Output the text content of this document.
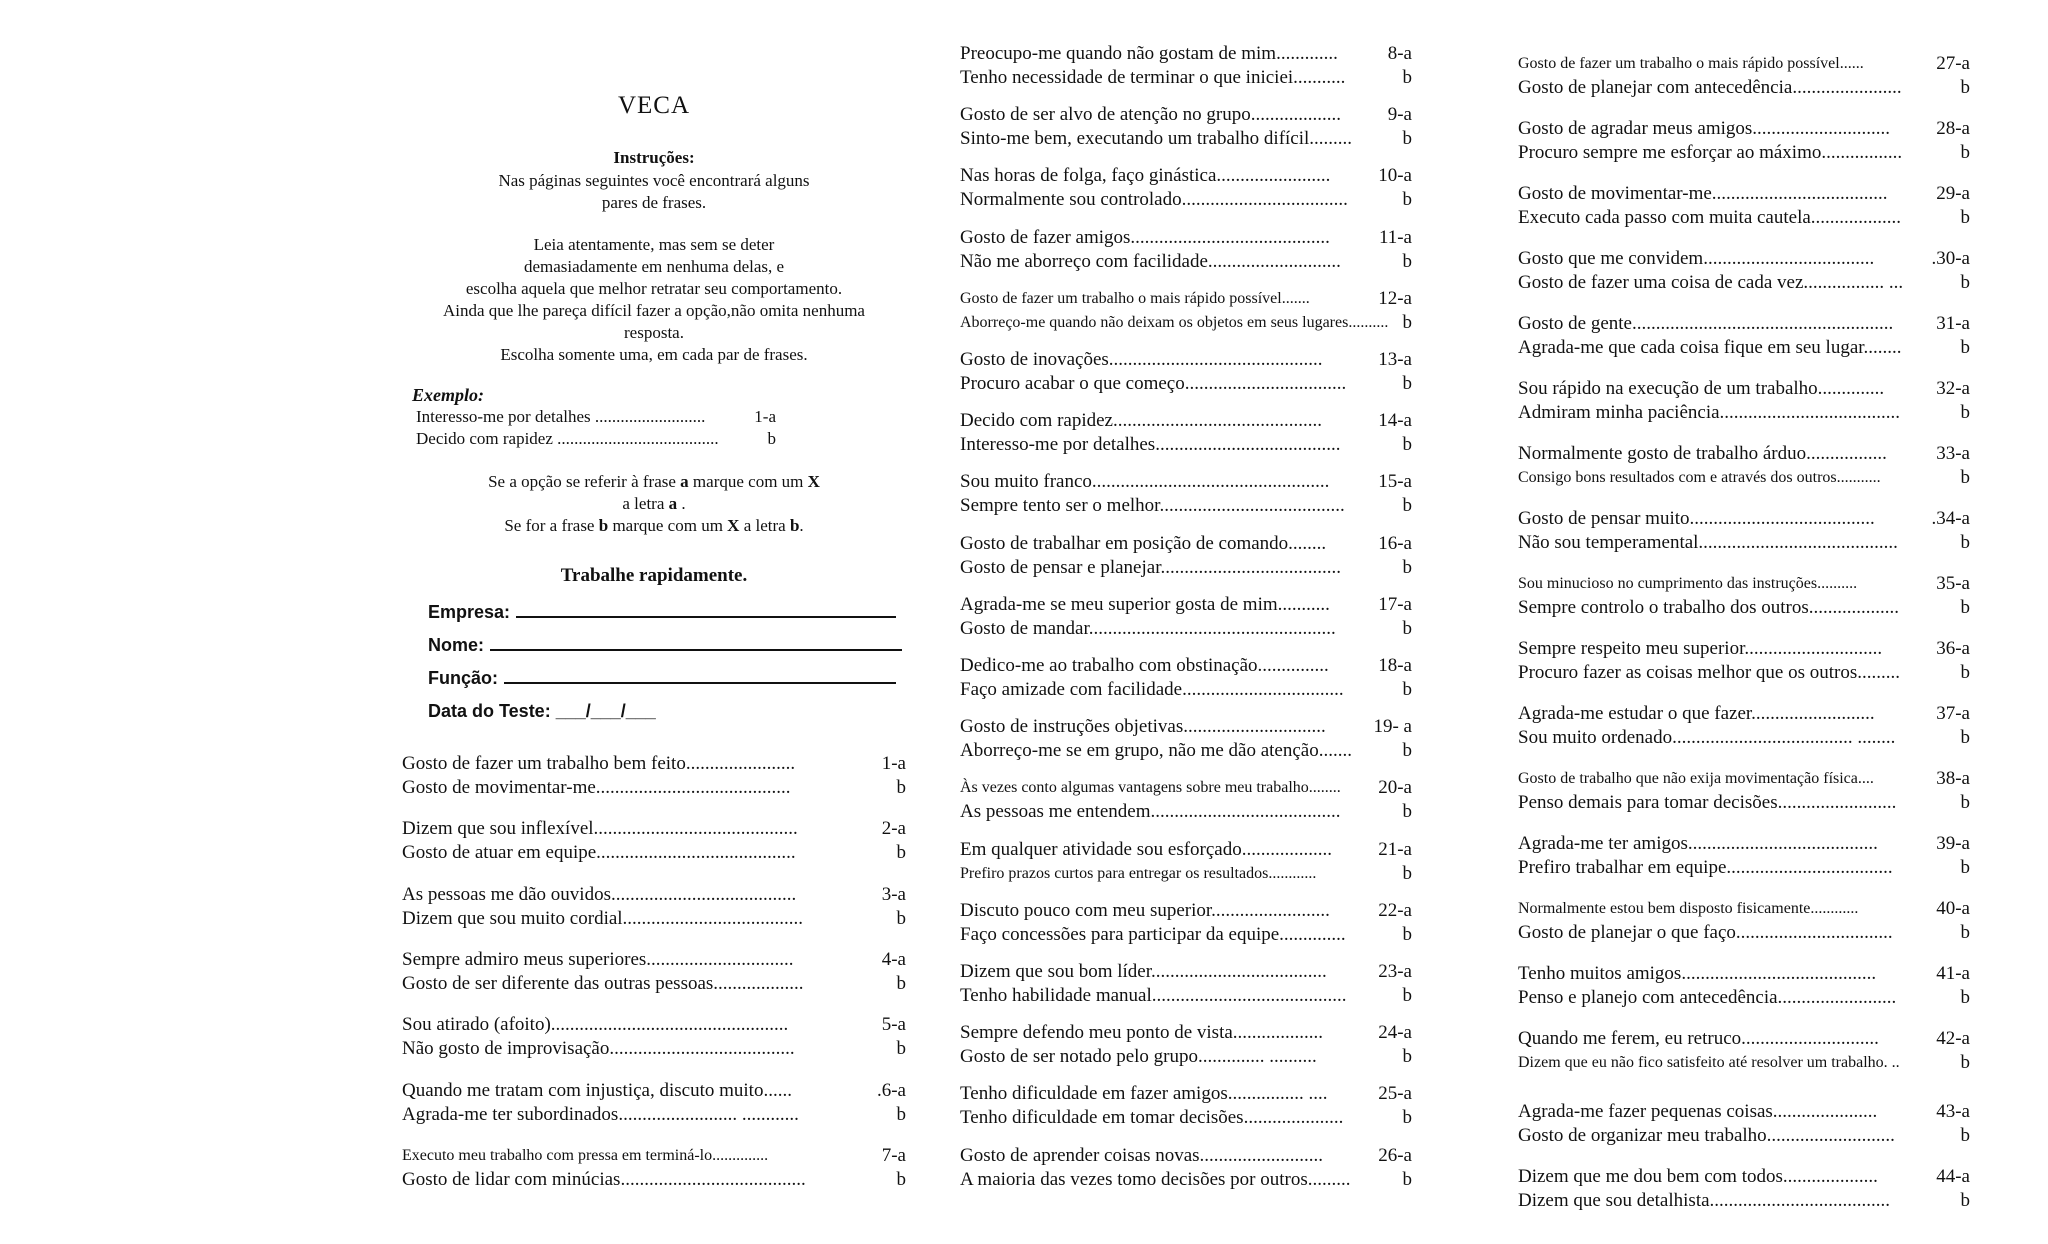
VECA
Instruções:
Nas páginas seguintes você encontrará alguns
pares de frases.
Leia atentamente, mas sem se deter
demasiadamente em nenhuma delas, e
escolha aquela que melhor retratar seu comportamento.
Ainda que lhe pareça difícil fazer a opção,não omita nenhuma
resposta.
Escolha somente uma, em cada par de frases.
Exemplo:
Interesso-me por detalhes ..........................	1-a
Decido com rapidez ......................................	b
Se a opção se referir à frase a marque com um X
a letra a .
Se for a frase b marque com um X a letra b.
Trabalhe rapidamente.
Empresa:
Nome:
Função:
Data do Teste: ___/___/___
Gosto de fazer um trabalho bem feito.......................	1-a
Gosto de movimentar-me.........................................	b
Dizem que sou inflexível...........................................	2-a
Gosto de atuar em equipe..........................................	b
As pessoas me dão ouvidos.......................................	3-a
Dizem que sou muito cordial......................................	b
Sempre admiro meus superiores...............................	4-a
Gosto de ser diferente das outras pessoas...................	b
Sou atirado (afoito)..................................................	5-a
Não gosto de improvisação.......................................	b
Quando me tratam com injustiça, discuto muito......	.6-a
Agrada-me ter subordinados......................... ............	b
Executo meu trabalho com pressa em terminá-lo..............	7-a
Gosto de lidar com minúcias.......................................	b
Preocupo-me quando não gostam de mim.............	8-a
Tenho necessidade de terminar o que iniciei...........	b
Gosto de ser alvo de atenção no grupo................... 9-a
Sinto-me bem, executando um trabalho difícil.........	b
Nas horas de folga, faço ginástica........................	10-a
Normalmente sou controlado...................................	b
Gosto de fazer amigos..........................................	11-a
Não me aborreço com facilidade............................	b
Gosto de fazer um trabalho o mais rápido possível.......	12-a
Aborreço-me quando não deixam os objetos em seus lugares.......... b
Gosto de inovações.............................................	13-a
Procuro acabar o que começo..................................	b
Decido com rapidez............................................	14-a
Interesso-me por detalhes.......................................	b
Sou muito franco..................................................	15-a
Sempre tento ser o melhor.......................................	b
Gosto de trabalhar em posição de comando........	16-a
Gosto de pensar e planejar......................................	b
Agrada-me se meu superior gosta de mim...........	17-a
Gosto de mandar....................................................	b
Dedico-me ao trabalho com obstinação...............	18-a
Faço amizade com facilidade..................................	b
Gosto de instruções objetivas..............................	19- a
Aborreço-me se em grupo, não me dão atenção.......	b
Às vezes conto algumas vantagens sobre meu trabalho........ 20-a
As pessoas me entendem........................................	b
Em qualquer atividade sou esforçado................... 21-a
Prefiro prazos curtos para entregar os resultados............	b
Discuto pouco com meu superior.........................	22-a
Faço concessões para participar da equipe..............	b
Dizem que sou bom líder.....................................	23-a
Tenho habilidade manual.........................................	b
Sempre defendo meu ponto de vista...................	24-a
Gosto de ser notado pelo grupo.............. ..........	b
Tenho dificuldade em fazer amigos................ ....	25-a
Tenho dificuldade em tomar decisões.....................	b
Gosto de aprender coisas novas..........................	26-a
A maioria das vezes tomo decisões por outros.........	b
Gosto de fazer um trabalho o mais rápido possível......	27-a
Gosto de planejar com antecedência.......................	b
Gosto de agradar meus amigos............................. 28-a
Procuro sempre me esforçar ao máximo.................	b
Gosto de movimentar-me.....................................	29-a
Executo cada passo com muita cautela...................	b
Gosto que me convidem....................................	.30-a
Gosto de fazer uma coisa de cada vez................. ...	b
Gosto de gente....................................................... 31-a
Agrada-me que cada coisa fique em seu lugar........	b
Sou rápido na execução de um trabalho..............	32-a
Admiram minha paciência......................................	b
Normalmente gosto de trabalho árduo.................	33-a
Consigo bons resultados com e através dos outros...........	b
Gosto de pensar muito.......................................	.34-a
Não sou temperamental..........................................	b
Sou minucioso no cumprimento das instruções..........	35-a
Sempre controlo o trabalho dos outros...................	b
Sempre respeito meu superior.............................	36-a
Procuro fazer as coisas melhor que os outros.........	b
Agrada-me estudar o que fazer..........................	37-a
Sou muito ordenado...................................... ........	b
Gosto de trabalho que não exija movimentação física....	38-a
Penso demais para tomar decisões.........................	b
Agrada-me ter amigos........................................	39-a
Prefiro trabalhar em equipe...................................	b
Normalmente estou bem disposto fisicamente............	40-a
Gosto de planejar o que faço.................................	b
Tenho muitos amigos.........................................	41-a
Penso e planejo com antecedência.........................	b
Quando me ferem, eu retruco.............................	42-a
Dizem que eu não fico satisfeito até resolver um trabalho. ..	b
Agrada-me fazer pequenas coisas......................	43-a
Gosto de organizar meu trabalho...........................	b
Dizem que me dou bem com todos....................	44-a
Dizem que sou detalhista......................................	b
